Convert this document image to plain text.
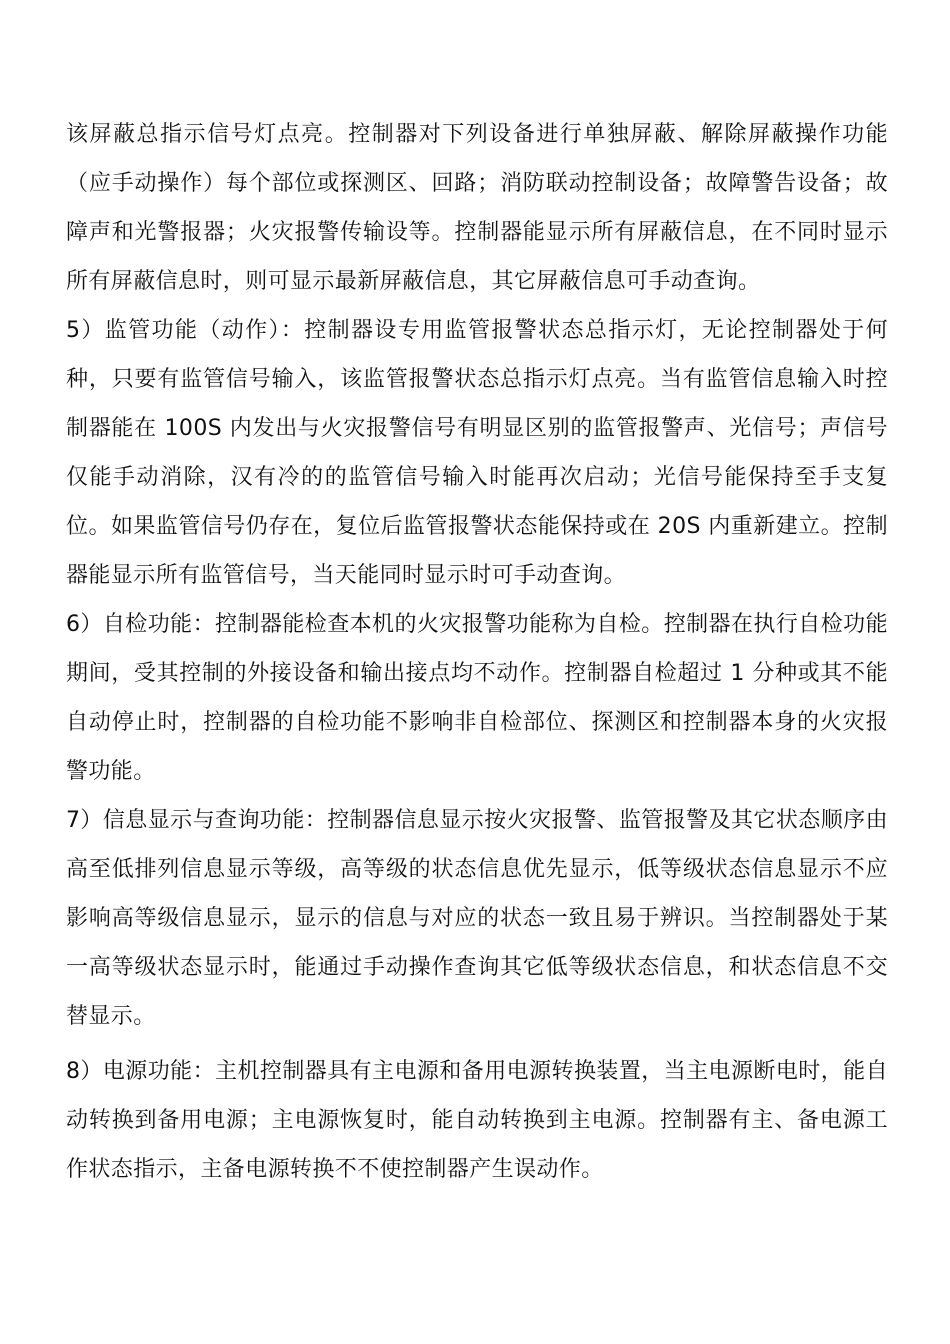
该屏蔽总指示信号灯点亮。控制器对下列设备进行单独屏蔽、解除屏蔽操作功能（应手动操作）每个部位或探测区、回路；消防联动控制设备；故障警告设备；故障声和光警报器；火灾报警传输设等。控制器能显示所有屏蔽信息，在不同时显示所有屏蔽信息时，则可显示最新屏蔽信息，其它屏蔽信息可手动查询。

5）监管功能（动作）：控制器设专用监管报警状态总指示灯，无论控制器处于何种，只要有监管信号输入，该监管报警状态总指示灯点亮。当有监管信息输入时控制器能在 100S 内发出与火灾报警信号有明显区别的监管报警声、光信号；声信号仅能手动消除，汉有冷的的监管信号输入时能再次启动；光信号能保持至手支复位。如果监管信号仍存在，复位后监管报警状态能保持或在 20S 内重新建立。控制器能显示所有监管信号，当天能同时显示时可手动查询。

6）自检功能：控制器能检查本机的火灾报警功能称为自检。控制器在执行自检功能期间，受其控制的外接设备和输出接点均不动作。控制器自检超过 1 分种或其不能自动停止时，控制器的自检功能不影响非自检部位、探测区和控制器本身的火灾报警功能。

7）信息显示与查询功能：控制器信息显示按火灾报警、监管报警及其它状态顺序由高至低排列信息显示等级，高等级的状态信息优先显示，低等级状态信息显示不应影响高等级信息显示，显示的信息与对应的状态一致且易于辨识。当控制器处于某一高等级状态显示时，能通过手动操作查询其它低等级状态信息，和状态信息不交替显示。

8）电源功能：主机控制器具有主电源和备用电源转换装置，当主电源断电时，能自动转换到备用电源；主电源恢复时，能自动转换到主电源。控制器有主、备电源工作状态指示，主备电源转换不不使控制器产生误动作。
